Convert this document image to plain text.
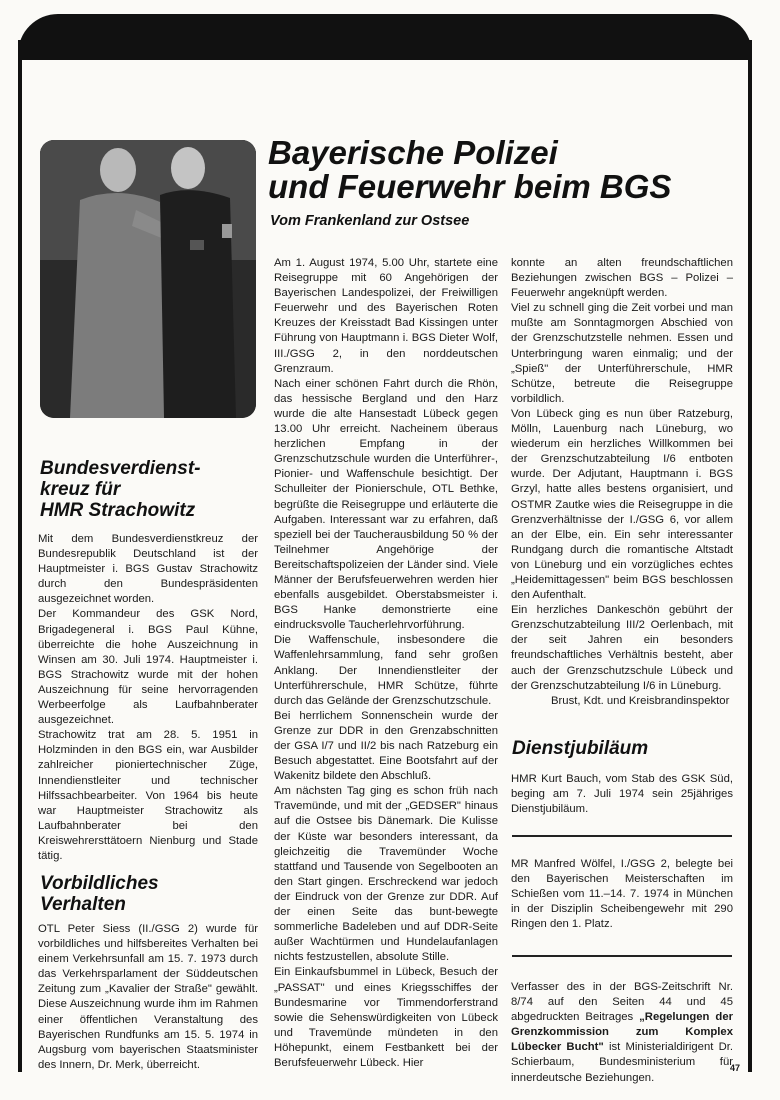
Bayerische Polizei
und Feuerwehr beim BGS
Vom Frankenland zur Ostsee
Bundesverdienst-
kreuz für
HMR Strachowitz

Mit dem Bundesverdienstkreuz der Bundesrepublik Deutschland ist der Hauptmeister i. BGS Gustav Strachowitz durch den Bundespräsidenten ausgezeichnet worden.

Der Kommandeur des GSK Nord, Brigadegeneral i. BGS Paul Kühne, überreichte die hohe Auszeichnung in Winsen am 30. Juli 1974. Hauptmeister i. BGS Strachowitz wurde mit der hohen Auszeichnung für seine hervorragenden Werbeerfolge als Laufbahnberater ausgezeichnet.

Strachowitz trat am 28. 5. 1951 in Holzminden in den BGS ein, war Ausbilder zahlreicher pioniertechnischer Züge, Innendienstleiter und technischer Hilfssachbearbeiter. Von 1964 bis heute war Hauptmeister Strachowitz als Laufbahnberater bei den Kreiswehrersttätoern Nienburg und Stade tätig.

Vorbildliches
Verhalten

OTL Peter Siess (II./GSG 2) wurde für vorbildliches und hilfsbereites Verhalten bei einem Verkehrsunfall am 15. 7. 1973 durch das Verkehrsparlament der Süddeutschen Zeitung zum „Kavalier der Straße" gewählt. Diese Auszeichnung wurde ihm im Rahmen einer öffentlichen Veranstaltung des Bayerischen Rundfunks am 15. 5. 1974 in Augsburg vom bayerischen Staatsminister des Innern, Dr. Merk, überreicht.

Am 1. August 1974, 5.00 Uhr, startete eine Reisegruppe mit 60 Angehörigen der Bayerischen Landespolizei, der Freiwilligen Feuerwehr und des Bayerischen Roten Kreuzes der Kreisstadt Bad Kissingen unter Führung von Hauptmann i. BGS Dieter Wolf, III./GSG 2, in den norddeutschen Grenzraum.

Nach einer schönen Fahrt durch die Rhön, das hessische Bergland und den Harz wurde die alte Hansestadt Lübeck gegen 13.00 Uhr erreicht. Nacheinem überaus herzlichen Empfang in der Grenzschutzschule wurden die Unterführer-, Pionier- und Waffenschule besichtigt. Der Schulleiter der Pionierschule, OTL Bethke, begrüßte die Reisegruppe und erläuterte die Aufgaben. Interessant war zu erfahren, daß speziell bei der Taucherausbildung 50 % der Teilnehmer Angehörige der Bereitschaftspolizeien der Länder sind. Viele Männer der Berufsfeuerwehren werden hier ebenfalls ausgebildet. Oberstabsmeister i. BGS Hanke demonstrierte eine eindrucksvolle Taucherlehrvorführung.

Die Waffenschule, insbesondere die Waffenlehrsammlung, fand sehr großen Anklang. Der Innendienstleiter der Unterführerschule, HMR Schütze, führte durch das Gelände der Grenzschutzschule.

Bei herrlichem Sonnenschein wurde der Grenze zur DDR in den Grenzabschnitten der GSA I/7 und II/2 bis nach Ratzeburg ein Besuch abgestattet. Eine Bootsfahrt auf der Wakenitz bildete den Abschluß.

Am nächsten Tag ging es schon früh nach Travemünde, und mit der „GEDSER" hinaus auf die Ostsee bis Dänemark. Die Kulisse der Küste war besonders interessant, da gleichzeitig die Travemünder Woche stattfand und Tausende von Segelbooten an den Start gingen. Erschreckend war jedoch der Eindruck von der Grenze zur DDR. Auf der einen Seite das bunt-bewegte sommerliche Badeleben und auf DDR-Seite außer Wachtürmen und Hundelaufanlagen nichts festzustellen, absolute Stille.

Ein Einkaufsbummel in Lübeck, Besuch der „PASSAT" und eines Kriegsschiffes der Bundesmarine vor Timmendorferstrand sowie die Sehenswürdigkeiten von Lübeck und Travemünde mündeten in den Höhepunkt, einem Festbankett bei der Berufsfeuerwehr Lübeck. Hier

konnte an alten freundschaftlichen Beziehungen zwischen BGS – Polizei – Feuerwehr angeknüpft werden.

Viel zu schnell ging die Zeit vorbei und man mußte am Sonntagmorgen Abschied von der Grenzschutzstelle nehmen. Essen und Unterbringung waren einmalig; und der „Spieß" der Unterführerschule, HMR Schütze, betreute die Reisegruppe vorbildlich.

Von Lübeck ging es nun über Ratzeburg, Mölln, Lauenburg nach Lüneburg, wo wiederum ein herzliches Willkommen bei der Grenzschutzabteilung I/6 entboten wurde. Der Adjutant, Hauptmann i. BGS Grzyl, hatte alles bestens organisiert, und OSTMR Zautke wies die Reisegruppe in die Grenzverhältnisse der I./GSG 6, vor allem an der Elbe, ein. Ein sehr interessanter Rundgang durch die romantische Altstadt von Lüneburg und ein vorzügliches echtes „Heidemittagessen" beim BGS beschlossen den Aufenthalt.

Ein herzliches Dankeschön gebührt der Grenzschutzabteilung III/2 Oerlenbach, mit der seit Jahren ein besonders freundschaftliches Verhältnis besteht, aber auch der Grenzschutzschule Lübeck und der Grenzschutzabteilung I/6 in Lüneburg.

Brust, Kdt. und Kreisbrandinspektor

Dienstjubiläum

HMR Kurt Bauch, vom Stab des GSK Süd, beging am 7. Juli 1974 sein 25jähriges Dienstjubiläum.

MR Manfred Wölfel, I./GSG 2, belegte bei den Bayerischen Meisterschaften im Schießen vom 11.–14. 7. 1974 in München in der Disziplin Scheibengewehr mit 290 Ringen den 1. Platz.

Verfasser des in der BGS-Zeitschrift Nr. 8/74 auf den Seiten 44 und 45 abgedruckten Beitrages „Regelungen der Grenzkommission zum Komplex Lübecker Bucht" ist Ministerialdirigent Dr. Schierbaum, Bundesministerium für innerdeutsche Beziehungen.

47
